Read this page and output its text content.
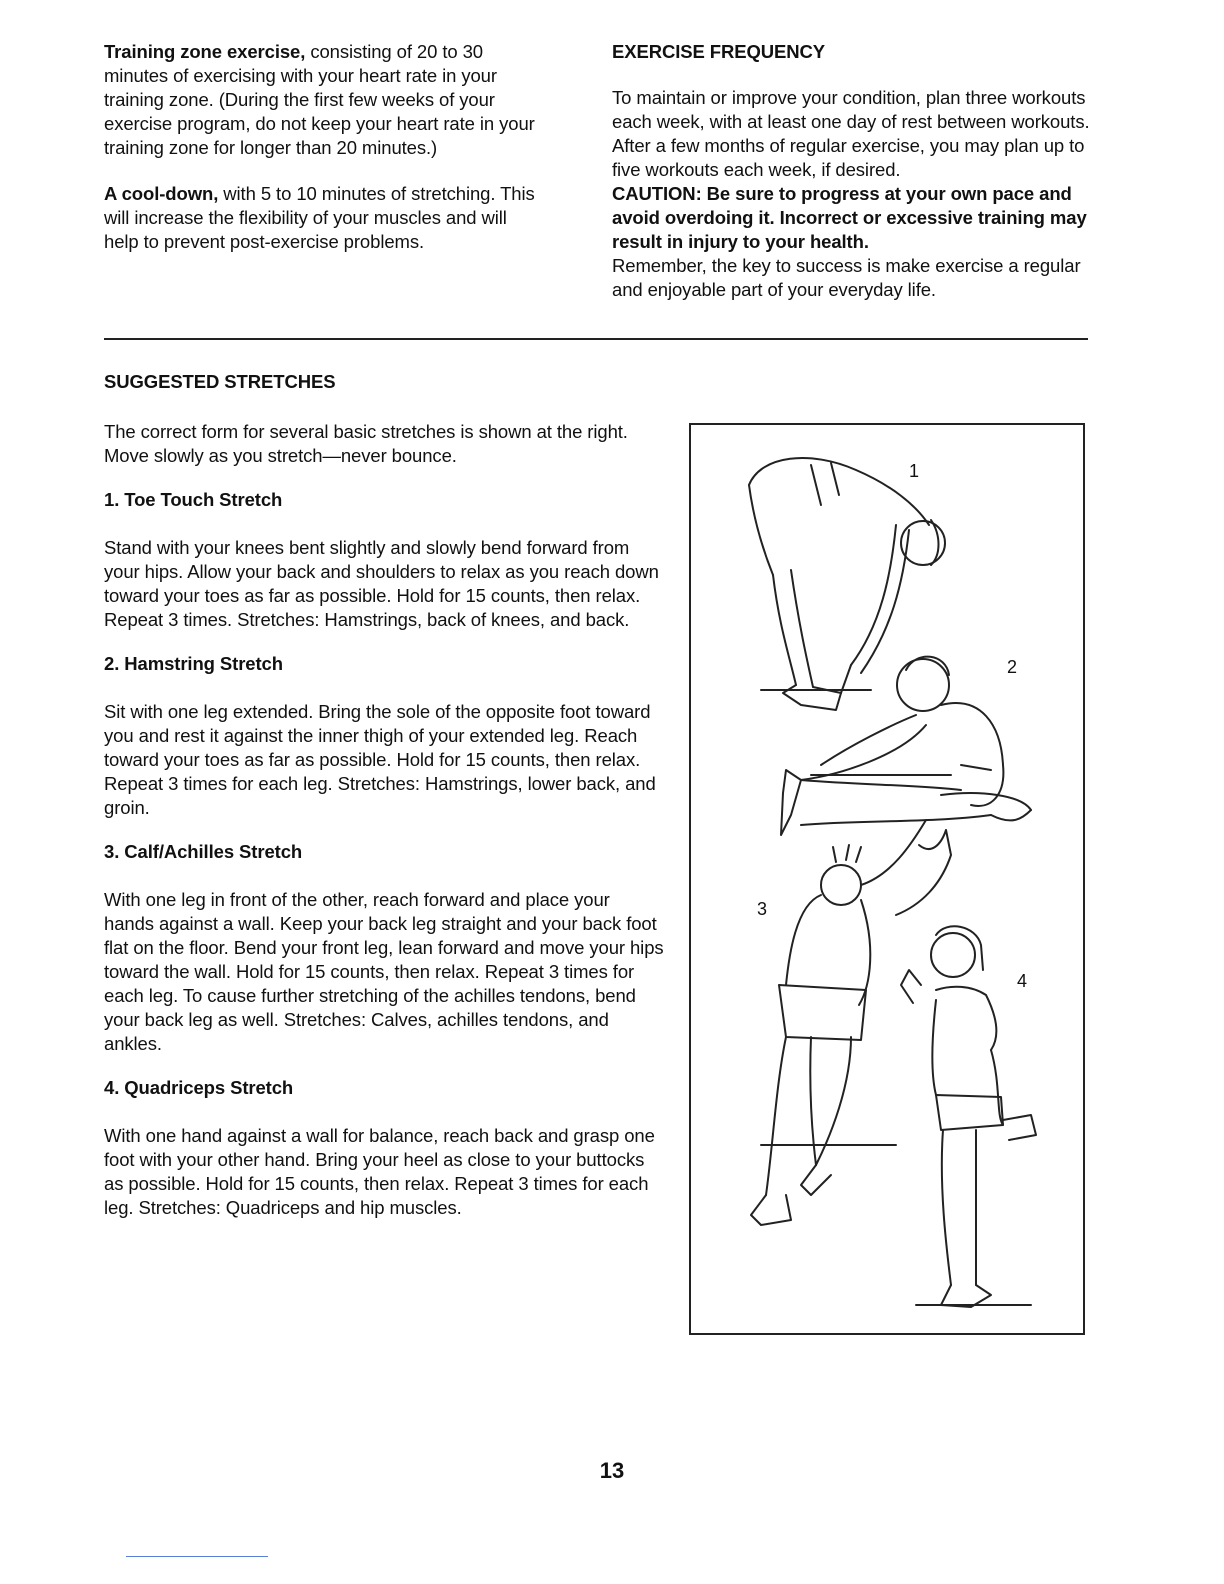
Training zone exercise, consisting of 20 to 30 minutes of exercising with your heart rate in your training zone. (During the first few weeks of your exercise program, do not keep your heart rate in your training zone for longer than 20 minutes.)

A cool-down, with 5 to 10 minutes of stretching. This will increase the flexibility of your muscles and will help to prevent post-exercise problems.

EXERCISE FREQUENCY

To maintain or improve your condition, plan three workouts each week, with at least one day of rest between workouts. After a few months of regular exercise, you may plan up to five workouts each week, if desired.

CAUTION: Be sure to progress at your own pace and avoid overdoing it. Incorrect or excessive training may result in injury to your health.

Remember, the key to success is make exercise a regular and enjoyable part of your everyday life.

SUGGESTED STRETCHES

The correct form for several basic stretches is shown at the right. Move slowly as you stretch—never bounce.

1. Toe Touch Stretch

Stand with your knees bent slightly and slowly bend forward from your hips. Allow your back and shoulders to relax as you reach down toward your toes as far as possible. Hold for 15 counts, then relax. Repeat 3 times. Stretches: Hamstrings, back of knees, and back.

2. Hamstring Stretch

Sit with one leg extended. Bring the sole of the opposite foot toward you and rest it against the inner thigh of your extended leg. Reach toward your toes as far as possible. Hold for 15 counts, then relax. Repeat 3 times for each leg. Stretches: Hamstrings, lower back, and groin.

3. Calf/Achilles Stretch

With one leg in front of the other, reach forward and place your hands against a wall. Keep your back leg straight and your back foot flat on the floor. Bend your front leg, lean forward and move your hips toward the wall. Hold for 15 counts, then relax. Repeat 3 times for each leg. To cause further stretching of the achilles tendons, bend your back leg as well. Stretches: Calves, achilles tendons, and ankles.

4. Quadriceps Stretch

With one hand against a wall for balance, reach back and grasp one foot with your other hand. Bring your heel as close to your buttocks as possible. Hold for 15 counts, then relax. Repeat 3 times for each leg. Stretches: Quadriceps and hip muscles.

1
2
3
4
13
